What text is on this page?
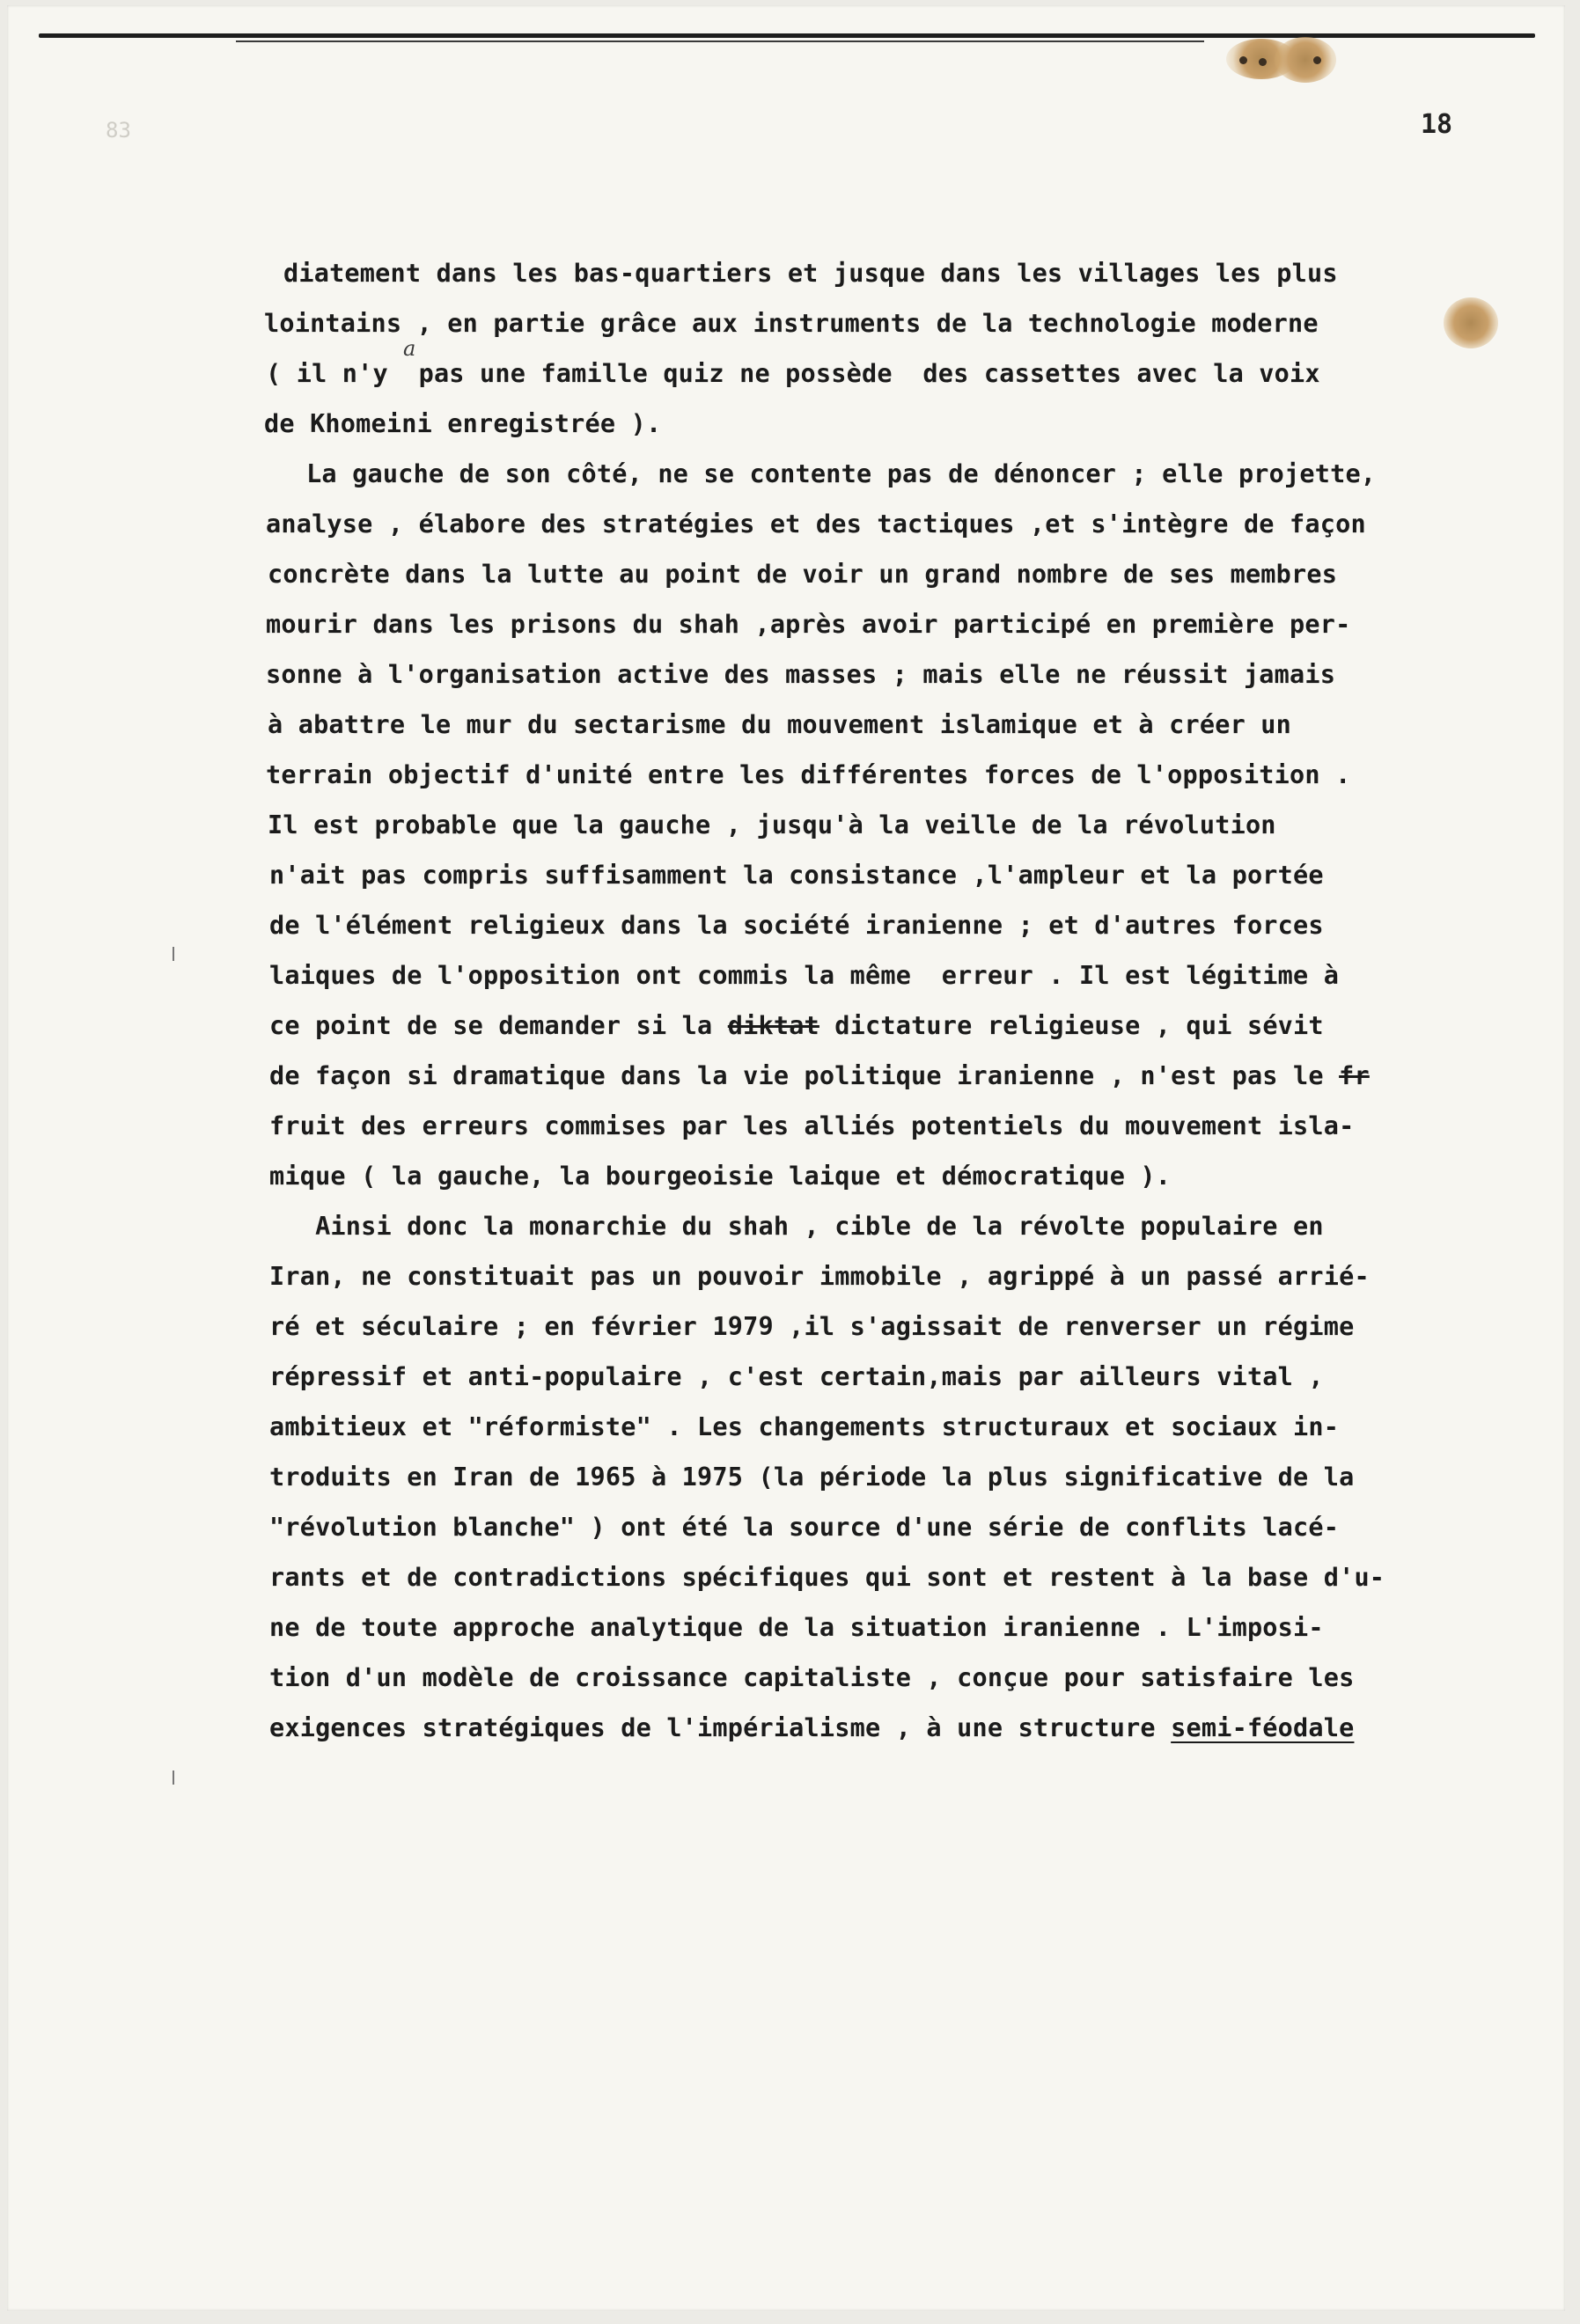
83	18
diatement dans les bas-quartiers et jusque dans les villages les plus
lointains , en partie grâce aux instruments de la technologie moderne
( il n'y  pas une famille quiz ne possède  des cassettes avec la voix
a
de Khomeini enregistrée ).
La gauche de son côté, ne se contente pas de dénoncer ; elle projette,
analyse , élabore des stratégies et des tactiques ,et s'intègre de façon
concrète dans la lutte au point de voir un grand nombre de ses membres
mourir dans les prisons du shah ,après avoir participé en première per-
sonne à l'organisation active des masses ; mais elle ne réussit jamais
à abattre le mur du sectarisme du mouvement islamique et à créer un
terrain objectif d'unité entre les différentes forces de l'opposition .
Il est probable que la gauche , jusqu'à la veille de la révolution
n'ait pas compris suffisamment la consistance ,l'ampleur et la portée
de l'élément religieux dans la société iranienne ; et d'autres forces
laiques de l'opposition ont commis la même  erreur . Il est légitime à
ce point de se demander si la diktat dictature religieuse , qui sévit
de façon si dramatique dans la vie politique iranienne , n'est pas le fr
fruit des erreurs commises par les alliés potentiels du mouvement isla-
mique ( la gauche, la bourgeoisie laique et démocratique ).
Ainsi donc la monarchie du shah , cible de la révolte populaire en
Iran, ne constituait pas un pouvoir immobile , agrippé à un passé arrié-
ré et séculaire ; en février 1979 ,il s'agissait de renverser un régime
répressif et anti-populaire , c'est certain,mais par ailleurs vital ,
ambitieux et "réformiste" . Les changements structuraux et sociaux in-
troduits en Iran de 1965 à 1975 (la période la plus significative de la
"révolution blanche" ) ont été la source d'une série de conflits lacé-
rants et de contradictions spécifiques qui sont et restent à la base d'u-
ne de toute approche analytique de la situation iranienne . L'imposi-
tion d'un modèle de croissance capitaliste , conçue pour satisfaire les
exigences stratégiques de l'impérialisme , à une structure semi-féodale
